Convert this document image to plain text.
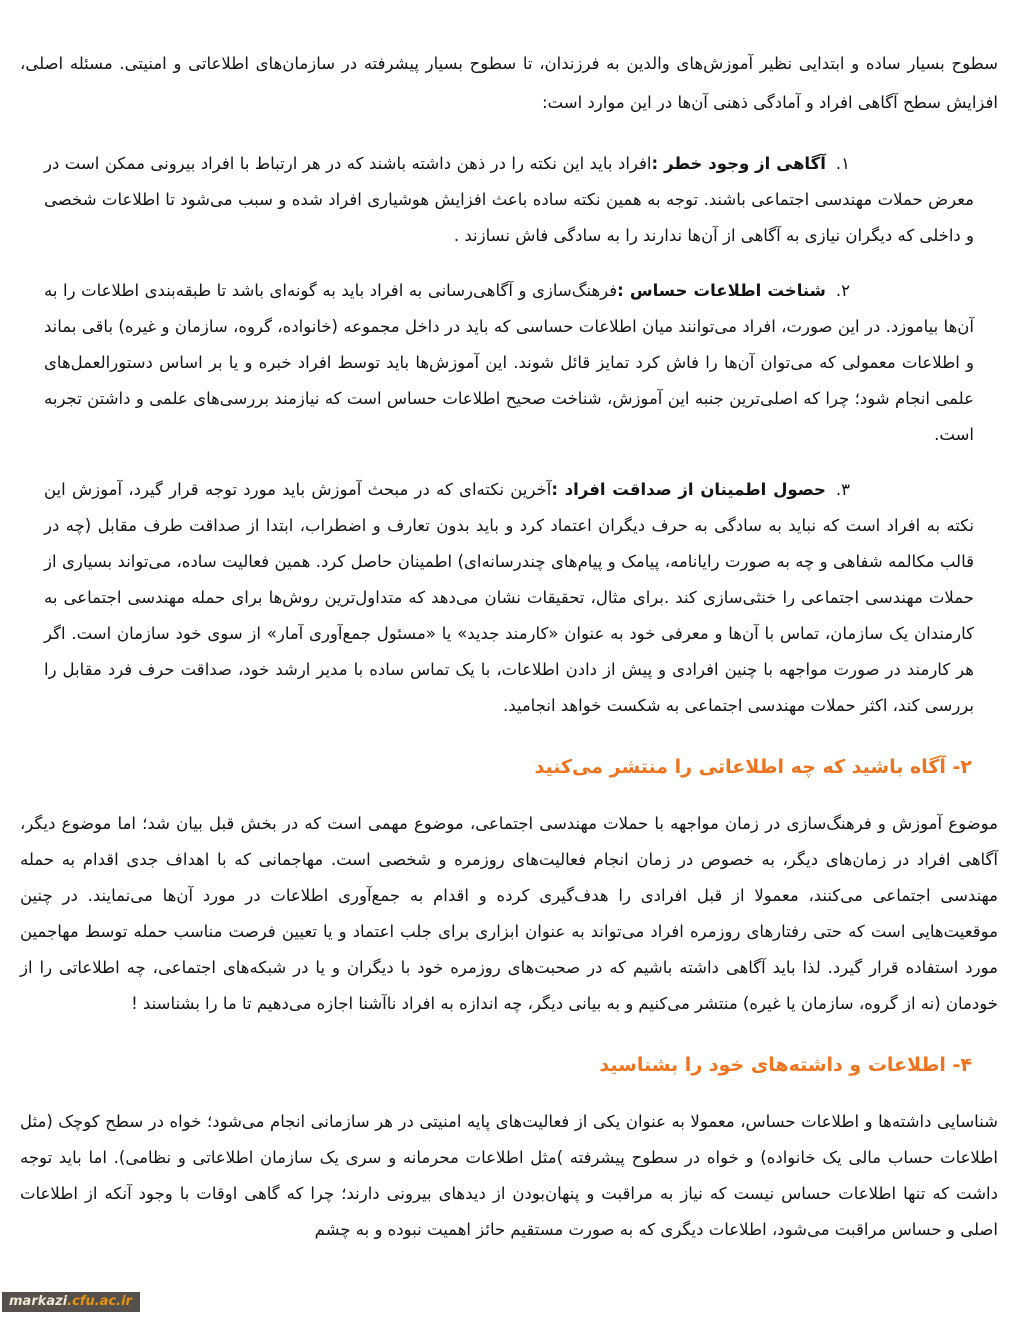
سطوح بسیار ساده و ابتدایی نظیر آموزش‌های والدین به فرزندان، تا سطوح بسیار پیشرفته در سازمان‌های اطلاعاتی و امنیتی. مسئله اصلی، افزایش سطح آگاهی افراد و آمادگی ذهنی آن‌ها در این موارد است:

۱.آگاهی از وجود خطر :افراد باید این نکته را در ذهن داشته باشند که در هر ارتباط با افراد بیرونی ممکن است در معرض حملات مهندسی اجتماعی باشند. توجه به همین نکته ساده باعث افزایش هوشیاری افراد شده و سبب می‌شود تا اطلاعات شخصی و داخلی که دیگران نیازی به آگاهی از آن‌ها ندارند را به سادگی فاش نسازند .

۲.شناخت اطلاعات حساس :فرهنگ‌سازی و آگاهی‌رسانی به افراد باید به گونه‌ای باشد تا طبقه‌بندی اطلاعات را به آن‌ها بیاموزد. در این صورت، افراد می‌توانند میان اطلاعات حساسی که باید در داخل مجموعه (خانواده، گروه، سازمان و غیره) باقی بماند و اطلاعات معمولی که می‌توان آن‌ها را فاش کرد تمایز قائل شوند. این آموزش‌ها باید توسط افراد خبره و یا بر اساس دستورالعمل‌های علمی انجام شود؛ چرا که اصلی‌ترین جنبه این آموزش، شناخت صحیح اطلاعات حساس است که نیازمند بررسی‌های علمی و داشتن تجربه است.

۳.حصول اطمینان از صداقت افراد :آخرین نکته‌ای که در مبحث آموزش باید مورد توجه قرار گیرد، آموزش این نکته به افراد است که نباید به سادگی به حرف دیگران اعتماد کرد و باید بدون تعارف و اضطراب، ابتدا از صداقت طرف مقابل (چه در قالب مکالمه شفاهی و چه به صورت رایانامه، پیامک و پیام‌های چندرسانه‌ای) اطمینان حاصل کرد. همین فعالیت ساده، می‌تواند بسیاری از حملات مهندسی اجتماعی را خنثی‌سازی کند .برای مثال، تحقیقات نشان می‌دهد که متداول‌ترین روش‌ها برای حمله مهندسی اجتماعی به کارمندان یک سازمان، تماس با آن‌ها و معرفی خود به عنوان «کارمند جدید» یا «مسئول جمع‌آوری آمار» از سوی خود سازمان است. اگر هر کارمند در صورت مواجهه با چنین افرادی و پیش از دادن اطلاعات، با یک تماس ساده با مدیر ارشد خود، صداقت حرف فرد مقابل را بررسی کند، اکثر حملات مهندسی اجتماعی به شکست خواهد انجامید.

۲- آگاه باشید که چه اطلاعاتی را منتشر می‌کنید

موضوع آموزش و فرهنگ‌سازی در زمان مواجهه با حملات مهندسی اجتماعی، موضوع مهمی است که در بخش قبل بیان شد؛ اما موضوع دیگر، آگاهی افراد در زمان‌های دیگر، به خصوص در زمان انجام فعالیت‌های روزمره و شخصی است. مهاجمانی که با اهداف جدی اقدام به حمله مهندسی اجتماعی می‌کنند، معمولا از قبل افرادی را هدف‌گیری کرده و اقدام به جمع‌آوری اطلاعات در مورد آن‌ها می‌نمایند. در چنین موقعیت‌هایی است که حتی رفتارهای روزمره افراد می‌تواند به عنوان ابزاری برای جلب اعتماد و یا تعیین فرصت مناسب حمله توسط مهاجمین مورد استفاده قرار گیرد. لذا باید آگاهی داشته باشیم که در صحبت‌های روزمره خود با دیگران و یا در شبکه‌های اجتماعی، چه اطلاعاتی را از خودمان (نه از گروه، سازمان یا غیره) منتشر می‌کنیم و به بیانی دیگر، چه اندازه به افراد ناآشنا اجازه می‌دهیم تا ما را بشناسند !

۴- اطلاعات و داشته‌های خود را بشناسید

شناسایی داشته‌ها و اطلاعات حساس، معمولا به عنوان یکی از فعالیت‌های پایه امنیتی در هر سازمانی انجام می‌شود؛ خواه در سطح کوچک (مثل اطلاعات حساب مالی یک خانواده) و خواه در سطوح پیشرفته )مثل اطلاعات محرمانه و سری یک سازمان اطلاعاتی و نظامی). اما باید توجه داشت که تنها اطلاعات حساس نیست که نیاز به مراقبت و پنهان‌بودن از دیدهای بیرونی دارند؛ چرا که گاهی اوقات با وجود آنکه از اطلاعات اصلی و حساس مراقبت می‌شود، اطلاعات دیگری که به صورت مستقیم حائز اهمیت نبوده و به چشم

markazi.cfu.ac.ir
